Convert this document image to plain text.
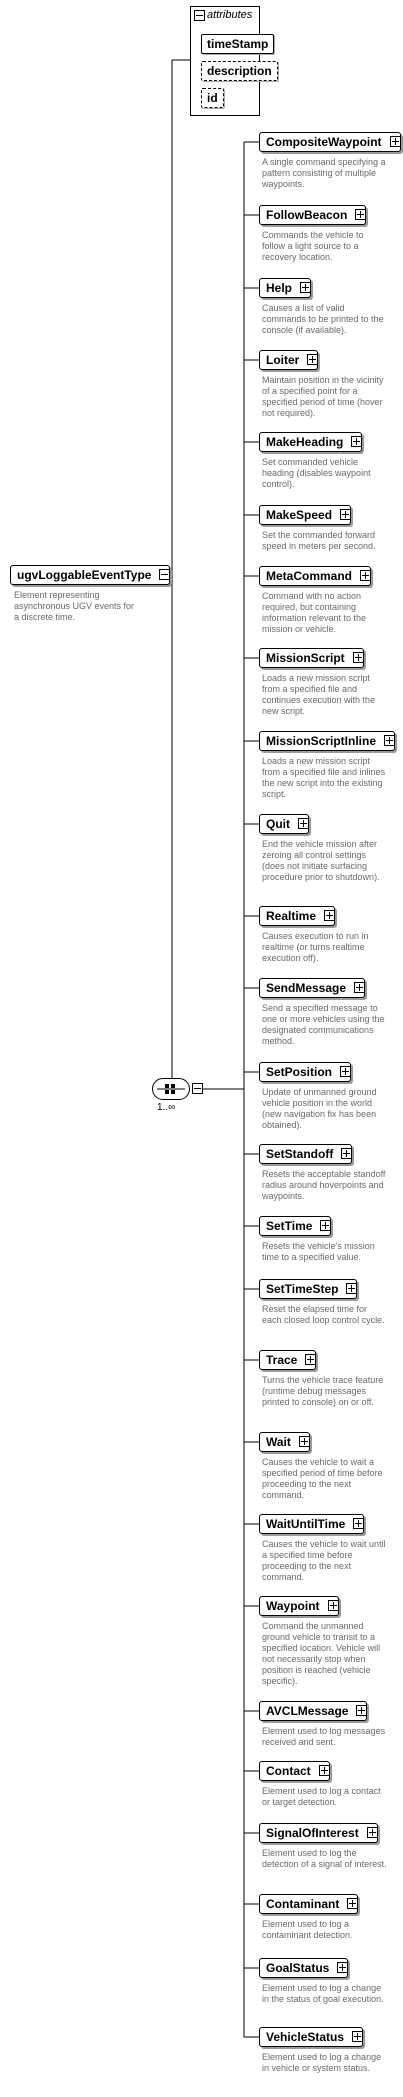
attributes
timeStamp
description
id
ugvLoggableEventType
Element representing asynchronous UGV events for a discrete time.
1..∞
CompositeWaypoint
A single command specifying a pattern consisting of multiple waypoints.
FollowBeacon
Commands the vehicle to follow a light source to a recovery location.
Help
Causes a list of valid commands to be printed to the console (if available).
Loiter
Maintain position in the vicinity of a specified point for a specified period of time (hover not required).
MakeHeading
Set commanded vehicle heading (disables waypoint control).
MakeSpeed
Set the commanded forward speed in meters per second.
MetaCommand
Command with no action required, but containing information relevant to the mission or vehicle.
MissionScript
Loads a new mission script from a specified file and continues execution with the new script.
MissionScriptInline
Loads a new mission script from a specified file and inlines the new script into the existing script.
Quit
End the vehicle mission after zeroing all control settings (does not initiate surfacing procedure prior to shutdown).
Realtime
Causes execution to run in realtime (or turns realtime execution off).
SendMessage
Send a specified message to one or more vehicles using the designated communications method.
SetPosition
Update of unmanned ground vehicle position in the world (new navigation fix has been obtained).
SetStandoff
Resets the acceptable standoff radius around hoverpoints and waypoints.
SetTime
Resets the vehicle's mission time to a specified value.
SetTimeStep
Reset the elapsed time for each closed loop control cycle.
Trace
Turns the vehicle trace feature (runtime debug messages printed to console) on or off.
Wait
Causes the vehicle to wait a specified period of time before proceeding to the next command.
WaitUntilTime
Causes the vehicle to wait until a specified time before proceeding to the next command.
Waypoint
Command the unmanned ground vehicle to transit to a specified location. Vehicle will not necessarily stop when position is reached (vehicle specific).
AVCLMessage
Element used to log messages received and sent.
Contact
Element used to log a contact or target detection.
SignalOfInterest
Element used to log the detection of a signal of interest.
Contaminant
Element used to log a contaminant detection.
GoalStatus
Element used to log a change in the status of goal execution.
VehicleStatus
Element used to log a change in vehicle or system status.
